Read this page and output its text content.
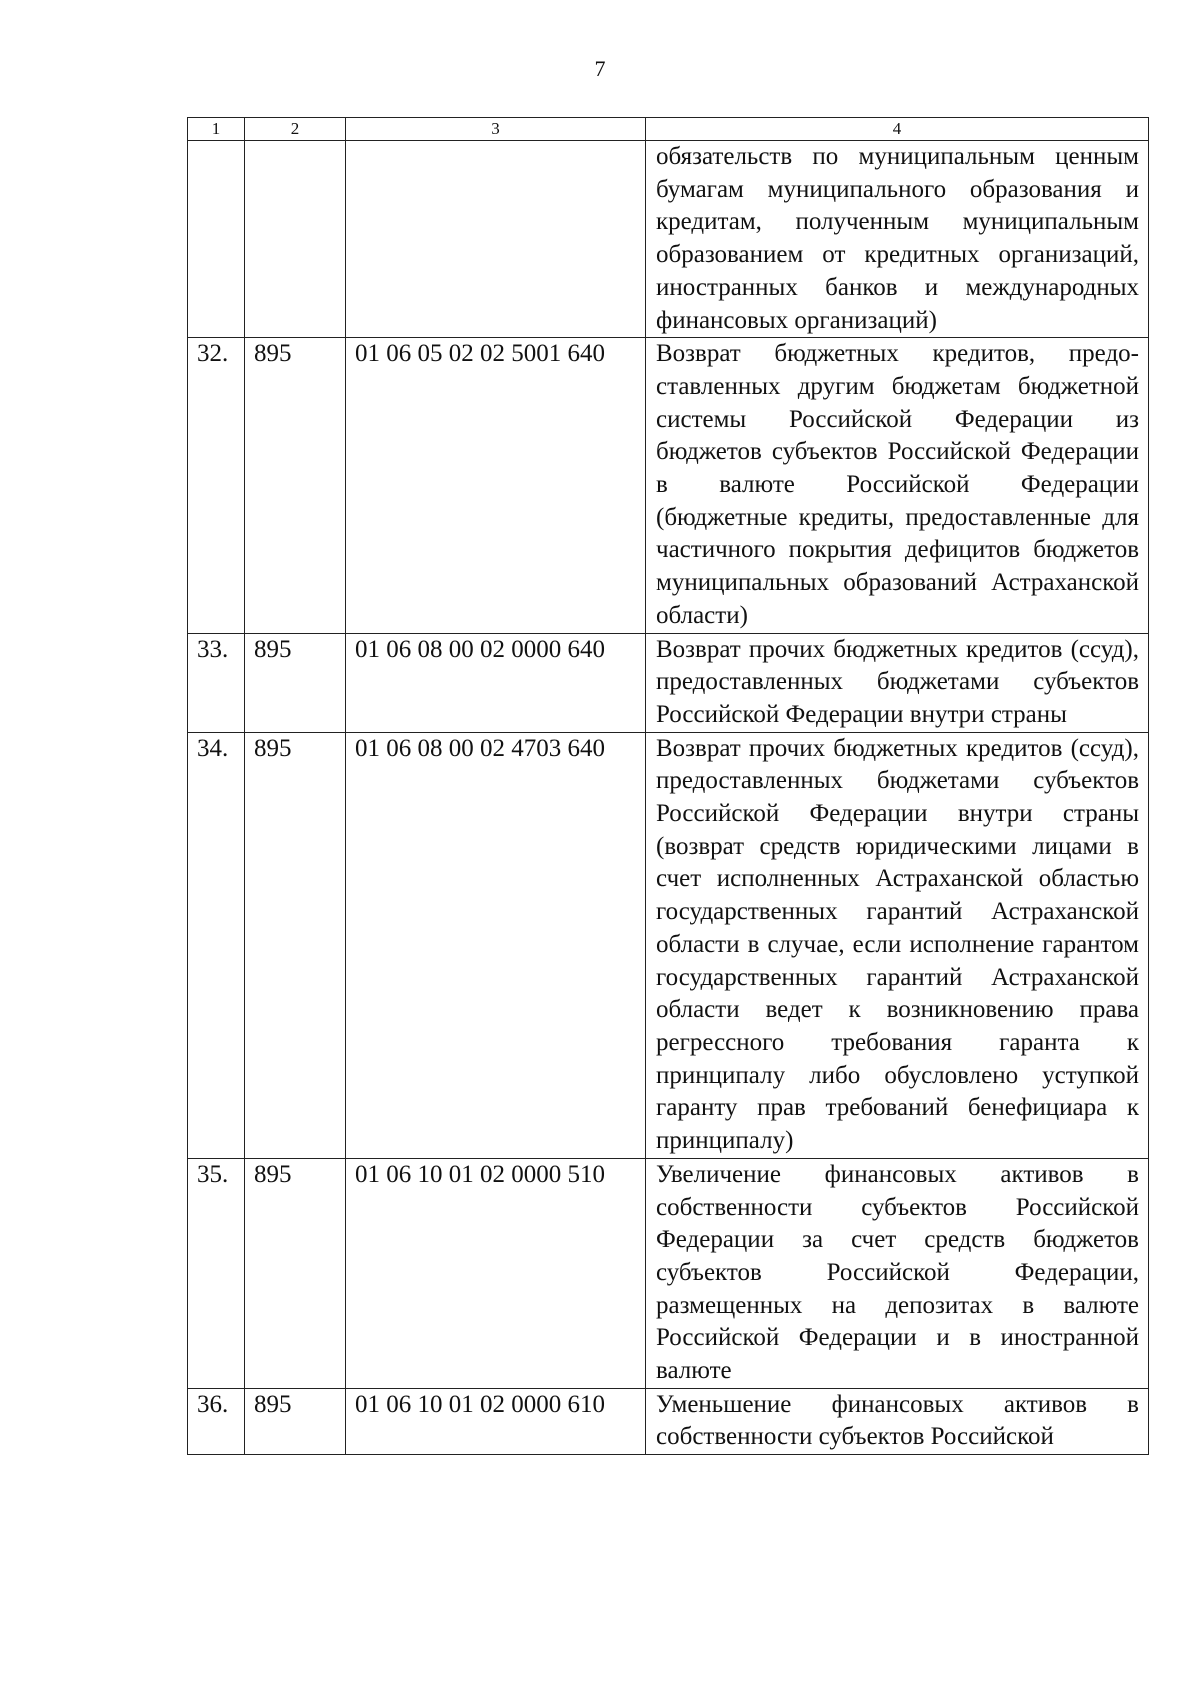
7
1	2	3	4
			обязательств по муниципальным ценным бумагам муниципального образования и кредитам, полученным муниципальным образованием от кредитных организаций, иностранных банков и международных финансовых организаций)
32.	895	01 06 05 02 02 5001 640	Возврат бюджетных кредитов, предо-ставленных другим бюджетам бюджетной системы Российской Федерации из бюджетов субъектов Российской Федерации в валюте Российской Федерации (бюджетные кредиты, предоставленные для частичного покрытия дефицитов бюджетов муниципальных образований Астраханской области)
33.	895	01 06 08 00 02 0000 640	Возврат прочих бюджетных кредитов (ссуд), предоставленных бюджетами субъектов Российской Федерации внутри страны
34.	895	01 06 08 00 02 4703 640	Возврат прочих бюджетных кредитов (ссуд), предоставленных бюджетами субъектов Российской Федерации внутри страны (возврат средств юридическими лицами в счет исполненных Астраханской областью государственных гарантий Астраханской области в случае, если исполнение гарантом государственных гарантий Астраханской области ведет к возникновению права регрессного требования гаранта к принципалу либо обусловлено уступкой гаранту прав требований бенефициара к принципалу)
35.	895	01 06 10 01 02 0000 510	Увеличение финансовых активов в собственности субъектов Российской Федерации за счет средств бюджетов субъектов Российской Федерации, размещенных на депозитах в валюте Российской Федерации и в иностранной валюте
36.	895	01 06 10 01 02 0000 610	Уменьшение финансовых активов в собственности субъектов Российской
